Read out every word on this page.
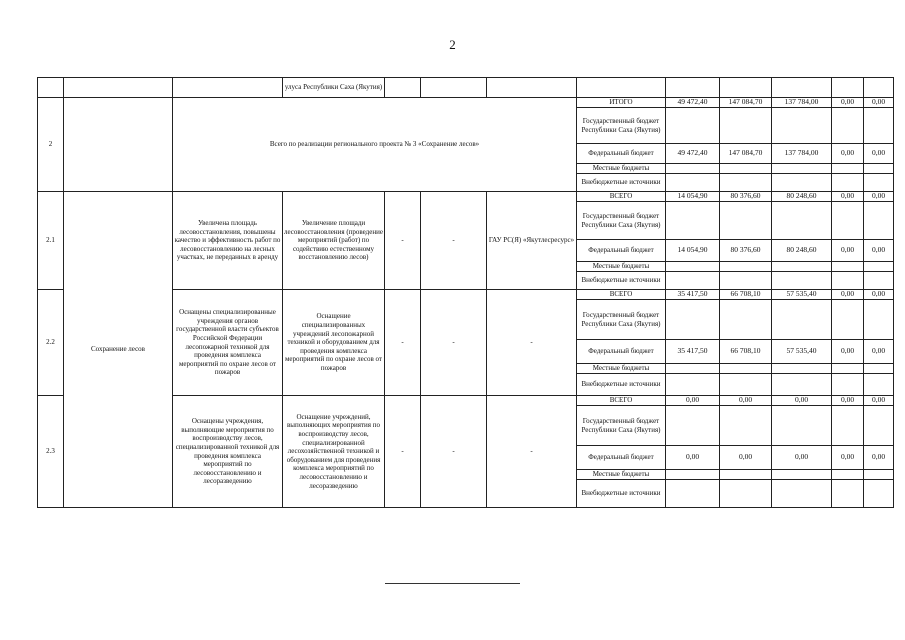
2
			улуса Республики Саха (Якутия)									
2		Всего по реализации регионального проекта № 3 «Сохранение лесов»					ИТОГО	49 472,40	147 084,70	137 784,00	0,00	0,00
							Государственный бюджет Республики Саха (Якутия)					
							Федеральный бюджет	49 472,40	147 084,70	137 784,00	0,00	0,00
							Местные бюджеты					
							Внебюджетные источники					
2.1	Сохранение лесов	Увеличена площадь лесовосстановления, повышены качество и эффективность работ по лесовосстановлению на лесных участках, не переданных в аренду	Увеличение площади лесовосстановления (проведение мероприятий (работ) по содействию естественному восстановлению лесов)	-	-	ГАУ РС(Я) «Якутлесресурс»	ВСЕГО	14 054,90	80 376,60	80 248,60	0,00	0,00
							Государственный бюджет Республики Саха (Якутия)					
							Федеральный бюджет	14 054,90	80 376,60	80 248,60	0,00	0,00
							Местные бюджеты					
							Внебюджетные источники					
2.2		Оснащены специализированные учреждения органов государственной власти субъектов Российской Федерации лесопожарной техникой для проведения комплекса мероприятий по охране лесов от пожаров	Оснащение специализированных учреждений лесопожарной техникой и оборудованием для проведения комплекса мероприятий по охране лесов от пожаров	-	-	-	ВСЕГО	35 417,50	66 708,10	57 535,40	0,00	0,00
							Государственный бюджет Республики Саха (Якутия)					
							Федеральный бюджет	35 417,50	66 708,10	57 535,40	0,00	0,00
							Местные бюджеты					
							Внебюджетные источники					
2.3		Оснащены учреждения, выполняющие мероприятия по воспроизводству лесов, специализированной техникой для проведения комплекса мероприятий по лесовосстановлению и лесоразведению	Оснащение учреждений, выполняющих мероприятия по воспроизводству лесов, специализированной лесохозяйственной техникой и оборудованием для проведения комплекса мероприятий по лесовосстановлению и лесоразведению	-	-	-	ВСЕГО	0,00	0,00	0,00	0,00	0,00
							Государственный бюджет Республики Саха (Якутия)					
							Федеральный бюджет	0,00	0,00	0,00	0,00	0,00
							Местные бюджеты					
							Внебюджетные источники					
